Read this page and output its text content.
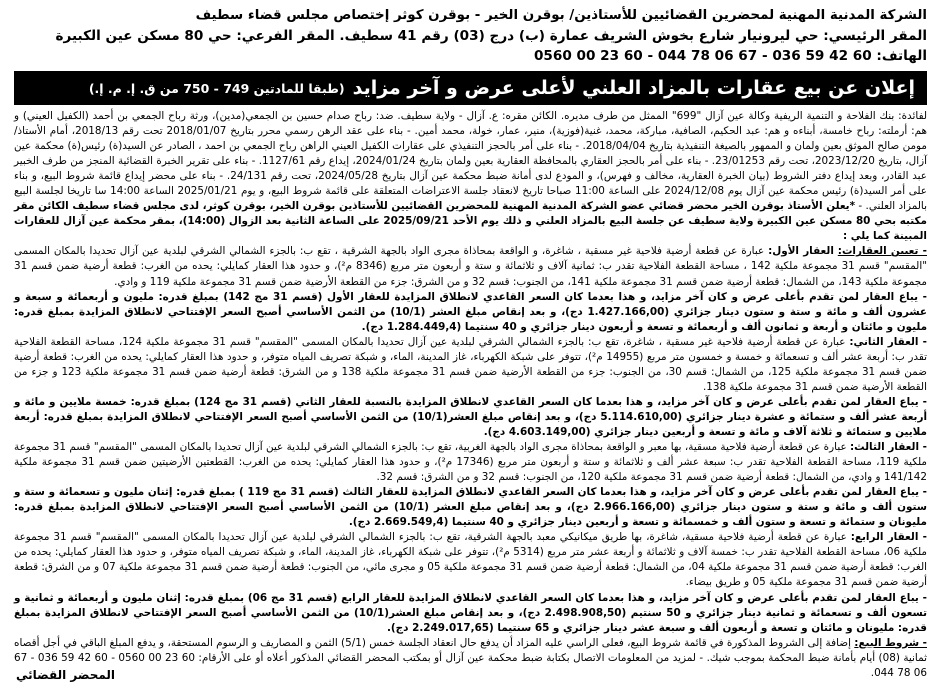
الشركة المدنية المهنية لمحضرين القضائيين للأستاذين/ بوقرن الخير - بوقرن كوثر إختصاص مجلس قضاء سطيف
المقر الرئيسي: حي ليرونيار شارع بخوش الشريف عمارة (ب) درج (03) رقم 41 سطيف. المقر الفرعي: حي 80 مسكن عين الكبيرة
الهاتف: 60 42 59 036 - 67 06 78 044 - 60 23 00 0560
إعلان عن بيع عقارات بالمزاد العلني لأعلى عرض و آخر مزايد
(طبقا للمادتين 749 - 750 من ق. إ. م. إ.)

لفائدة: بنك الفلاحة و التنمية الريفية وكالة عين آزال "699" الممثل من طرف مديره. الكائن مقره: ع. آزال - ولاية سطيف. ضد: رباح صدام حسين بن الجمعي(مدين)، ورثة رباح الجمعي بن أحمد (الكفيل العيني) و هم: أرملته: رباح خامسة، أبناءه و هم: عبد الحكيم، الصافية، مباركة، محمد، غنية(فوزية)، منير، عمار، خولة، محمد أمين. - بناء على عقد الرهن رسمي محرر بتاريخ 2018/01/07 تحت رقم 2018/13، أمام الأستاذ/ مومن صالح الموثق بعين ولمان و الممهور بالصيغة التنفيذية بتاريخ 2018/04/04. - بناء على أمر بالحجز التنفيذي على عقارات الكفيل العيني الراهن رباح الجمعي بن احمد ، الصادر عن السيد(ة) رئيس(ة) محكمة عين آزال، بتاريخ 2023/12/20، تحت رقم 23/01253. - بناء على أمر بالحجز العقاري بالمحافظة العقارية بعين ولمان بتاريخ 2024/01/24، إيداع رقم 1127/61. - بناء على تقرير الخبرة القضائية المنجز من طرف الخبير عبد القادر، وبعد إيداع دفتر الشروط (بيان الخبرة العقارية، مخالف و فهرس)، و المودع لدى أمانة ضبط محكمة عين آزال بتاريخ 2024/05/28، تحت رقم 24/131. - بناء على محضر إيداع قائمة شروط البيع، و بناء على أمر السيد(ة) رئيس محكمة عين آزال يوم 2024/12/08 على الساعة 11:00 صباحا تاريخ لانعقاد جلسة الاعتراضات المتعلقة على قائمة شروط البيع، و يوم 2025/01/21 الساعة 14:00 سا تاريخا لجلسة البيع بالمزاد العلني. - *يعلن الأستاذ بوقرن الخير محضر قضائي عضو الشركة المدنية المهنية للمحضرين القضائيين للأستاذين بوقرن الخير، بوقرن كوثر، لدى مجلس قضاء سطيف الكائن مقر مكتبه بحي 80 مسكن عين الكبيرة ولاية سطيف عن جلسة البيع بالمزاد العلني و ذلك يوم الأحد 2025/09/21 على الساعة الثانية بعد الزوال (14:00)، بمقر محكمة عين آزال للعقارات المبينة كما يلي :

- تعيين العقارات: العقار الأول: عبارة عن قطعة أرضية فلاحية غير مسقية ، شاغرة، و الواقعة بمحاذاة مجرى الواد بالجهة الشرقية ، تقع ب: بالجزء الشمالي الشرقي لبلدية عين آزال تحديدا بالمكان المسمى "المقسم" قسم 31 مجموعة ملكية 142 ، مساحة القطعة الفلاحية تقدر ب: ثمانية آلاف و ثلاثمائة و ستة و أربعون متر مربع (8346 م²)، و حدود هذا العقار كمايلي: يحده من الغرب: قطعة أرضية ضمن قسم 31 مجموعة ملكية 143، من الشمال: قطعة أرضية ضمن قسم 31 مجموعة ملكية 141، من الجنوب: قسم 32 و من الشرق: جزء من القطعة الأرضية ضمن قسم 31 مجموعة ملكية 119 و وادي.

- يباع العقار لمن تقدم بأعلى عرض و كان آخر مزايد، و هذا بعدما كان السعر القاعدي لانطلاق المزايدة للعقار الأول (قسم 31 مج 142) بمبلغ قدره: مليون و أربعمائة و سبعة و عشرون ألف و مائة و ستة و ستون دينار جزائري (1.427.166,00 دج)، و بعد إنقاص مبلغ العشر (10/1) من الثمن الأساسي أصبح السعر الإفتتاحي لانطلاق المزايدة بمبلغ قدره: مليون و مائتان و أربعة و ثمانون ألف و أربعمائة و تسعة و أربعون دينار جزائري و 40 سنتيما (1.284.449,4 دج).

- العقار الثاني: عبارة عن قطعة أرضية فلاحية غير مسقية ، شاغرة، تقع ب: بالجزء الشمالي الشرقي لبلدية عين آزال تحديدا بالمكان المسمى "المقسم" قسم 31 مجموعة ملكية 124، مساحة القطعة الفلاحية تقدر ب: أربعة عشر ألف و تسعمائة و خمسة و خمسون متر مربع (14955 م²)، تتوفر على شبكة الكهرباء، غاز المدينة، الماء، و شبكة تصريف المياه متوفر، و حدود هذا العقار كمايلي: يحده من الغرب: قطعة أرضية ضمن قسم 31 مجموعة ملكية 125، من الشمال: قسم 30، من الجنوب: جزء من القطعة الأرضية ضمن قسم 31 مجموعة ملكية 138 و من الشرق: قطعة أرضية ضمن قسم 31 مجموعة ملكية 123 و جزء من القطعة الأرضية ضمن قسم 31 مجموعة ملكية 138.

- يباع العقار لمن تقدم بأعلى عرض و كان آخر مزايد، و هذا بعدما كان السعر القاعدي لانطلاق المزايدة بالنسبة للعقار الثاني (قسم 31 مج 124) بمبلغ قدره: خمسة ملايين و مائة و أربعة عشر ألف و ستمائة و عشرة دينار جزائري (5.114.610,00 دج)، و بعد إنقاص مبلغ العشر(10/1) من الثمن الأساسي أصبح السعر الإفتتاحي لانطلاق المزايدة بمبلغ قدره: أربعة ملايين و ستمائة و ثلاثة آلاف و مائة و تسعة و أربعين دينار جزائري (4.603.149,00 دج).

- العقار الثالث: عبارة عن قطعة أرضية فلاحية مسقية، بها معبر و الواقعة بمحاذاة مجرى الواد بالجهة الغربية، تقع ب: بالجزء الشمالي الشرقي لبلدية عين آزال تحديدا بالمكان المسمى "المقسم" قسم 31 مجموعة ملكية 119، مساحة القطعة الفلاحية تقدر ب: سبعة عشر ألف و ثلاثمائة و ستة و أربعون متر مربع (17346 م²)، و حدود هذا العقار كمايلي: يحده من الغرب: القطعتين الأرضيتين ضمن قسم 31 مجموعة ملكية 141/142 و وادي، من الشمال: قطعة أرضية ضمن قسم 31 مجموعة ملكية 120، من الجنوب: قسم 32 و من الشرق: قسم 32.

- يباع العقار لمن تقدم بأعلى عرض و كان آخر مزايد، و هذا بعدما كان السعر القاعدي لانطلاق المزايدة للعقار الثالث (قسم 31 مج 119 ) بمبلغ قدره: إثنان مليون و تسعمائة و ستة و ستون ألف و مائة و ستة و ستون دينار جزائري (2.966.166,00 دج)، و بعد إنقاص مبلغ العشر (10/1) من الثمن الأساسي أصبح السعر الإفتتاحي لانطلاق المزايدة بمبلغ قدره: مليونان و ستمائة و تسعة و ستون ألف و خمسمائة و تسعة و أربعين دينار جزائري و 40 سنتيما (2.669.549,4 دج).

- العقار الرابع: عبارة عن قطعة أرضية فلاحية مسقية، شاغرة، بها طريق ميكانيكي معبد بالجهة الشرقية، تقع ب: بالجزء الشمالي الشرقي لبلدية عين آزال تحديدا بالمكان المسمى "المقسم" قسم 31 مجموعة ملكية 06، مساحة القطعة الفلاحية تقدر ب: خمسة آلاف و ثلاثمائة و أربعة عشر متر مربع (5314 م²)، تتوفر على شبكة الكهرباء، غاز المدينة، الماء، و شبكة تصريف المياه متوفر، و حدود هذا العقار كمايلي: يحده من الغرب: قطعة أرضية ضمن قسم 31 مجموعة ملكية 04، من الشمال: قطعة أرضية ضمن قسم 31 مجموعة ملكية 05 و مجرى مائي، من الجنوب: قطعة أرضية ضمن قسم 31 مجموعة ملكية 07 و من الشرق: قطعة أرضية ضمن قسم 31 مجموعة ملكية 05 و طريق بيضاء.

- يباع العقار لمن تقدم بأعلى عرض و كان آخر مزايد، و هذا بعدما كان السعر القاعدي لانطلاق المزايدة للعقار الرابع (قسم 31 مج 06) بمبلغ قدره: إثنان مليون و أربعمائة و ثمانية و تسعون ألف و تسعمائة و ثمانية دينار جزائري و 50 سنتيم (2.498.908,50 دج)، و بعد إنقاص مبلغ العشر(10/1) من الثمن الأساسي أصبح السعر الإفتتاحي لانطلاق المزايدة بمبلغ قدره: مليونان و مائتان و تسعة و أربعون ألف و سبعة عشر دينار جزائري و 65 سنتيما (2.249.017,65 دج).

- شروط البيع: إضافة إلى الشروط المذكورة في قائمة شروط البيع، فعلى الراسي عليه المزاد أن يدفع حال انعقاد الجلسة خمس (5/1) الثمن و المصاريف و الرسوم المستحقة، و يدفع المبلغ الباقي في أجل أقصاه ثمانية (08) أيام بأمانة ضبط المحكمة بموجب شيك. - لمزيد من المعلومات الاتصال بكتابة ضبط محكمة عين آزال أو بمكتب المحضر القضائي المذكور أعلاه أو على الأرقام: 60 23 00 0560 - 60 42 59 036 - 67 06 78 044.

المحضر القضائي
